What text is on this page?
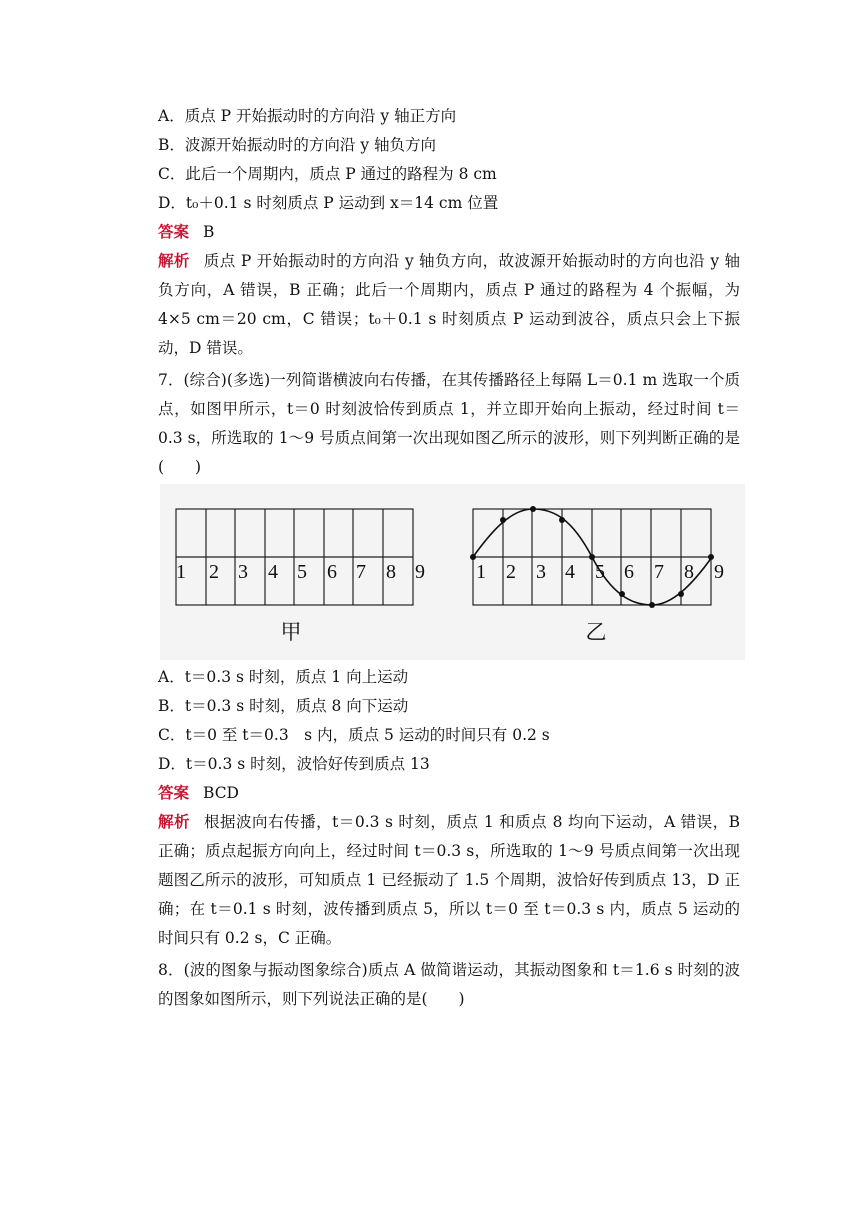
A．质点 P 开始振动时的方向沿 y 轴正方向
B．波源开始振动时的方向沿 y 轴负方向
C．此后一个周期内，质点 P 通过的路程为 8 cm
D．t₀＋0.1 s 时刻质点 P 运动到 x＝14 cm 位置
答案 B
解析 质点 P 开始振动时的方向沿 y 轴负方向，故波源开始振动时的方向也沿 y 轴负方向，A 错误，B 正确；此后一个周期内，质点 P 通过的路程为 4 个振幅，为 4×5 cm＝20 cm，C 错误；t₀＋0.1 s 时刻质点 P 运动到波谷，质点只会上下振动，D 错误。
7．(综合)(多选)一列简谐横波向右传播，在其传播路径上每隔 L＝0.1 m 选取一个质点，如图甲所示，t＝0 时刻波恰传到质点 1，并立即开始向上振动，经过时间 t＝0.3 s，所选取的 1～9 号质点间第一次出现如图乙所示的波形，则下列判断正确的是(　　)
1 2 3 4 5 6 7 8 9
甲
1 2 3 4 5 6 7 8 9
乙
A．t＝0.3 s 时刻，质点 1 向上运动
B．t＝0.3 s 时刻，质点 8 向下运动
C．t＝0 至 t＝0.3　s 内，质点 5 运动的时间只有 0.2 s
D．t＝0.3 s 时刻，波恰好传到质点 13
答案 BCD
解析 根据波向右传播，t＝0.3 s 时刻，质点 1 和质点 8 均向下运动，A 错误，B 正确；质点起振方向向上，经过时间 t＝0.3 s，所选取的 1～9 号质点间第一次出现题图乙所示的波形，可知质点 1 已经振动了 1.5 个周期，波恰好传到质点 13，D 正确；在 t＝0.1 s 时刻，波传播到质点 5，所以 t＝0 至 t＝0.3 s 内，质点 5 运动的时间只有 0.2 s，C 正确。
8．(波的图象与振动图象综合)质点 A 做简谐运动，其振动图象和 t＝1.6 s 时刻的波的图象如图所示，则下列说法正确的是(　　)
